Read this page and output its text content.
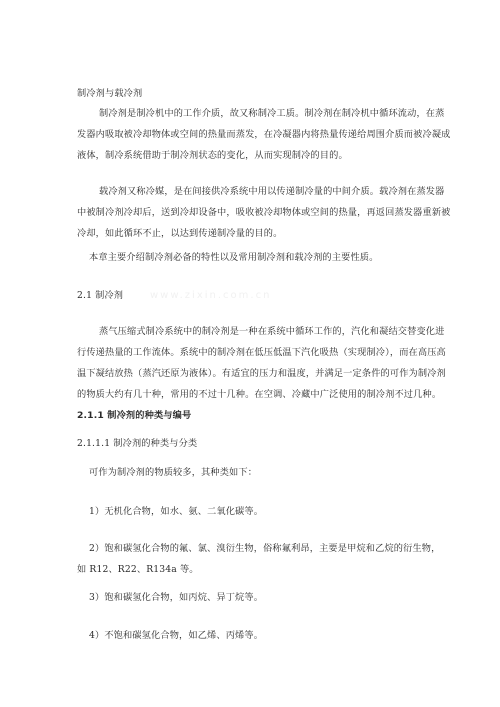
制冷剂与载冷剂
制冷剂是制冷机中的工作介质，故又称制冷工质。制冷剂在制冷机中循环流动，在蒸
发器内吸取被冷却物体或空间的热量而蒸发，在冷凝器内将热量传递给周围介质而被冷凝成
液体，制冷系统借助于制冷剂状态的变化，从而实现制冷的目的。
载冷剂又称冷媒，是在间接供冷系统中用以传递制冷量的中间介质。载冷剂在蒸发器
中被制冷剂冷却后，送到冷却设备中，吸收被冷却物体或空间的热量，再返回蒸发器重新被
冷却，如此循环不止，以达到传递制冷量的目的。
本章主要介绍制冷剂必备的特性以及常用制冷剂和载冷剂的主要性质。
2.1 制冷剂	www.zixin.com.cn
蒸气压缩式制冷系统中的制冷剂是一种在系统中循环工作的，汽化和凝结交替变化进
行传递热量的工作流体。系统中的制冷剂在低压低温下汽化吸热（实现制冷），而在高压高
温下凝结放热（蒸汽还原为液体）。有适宜的压力和温度，并满足一定条件的可作为制冷剂
的物质大约有几十种，常用的不过十几种。在空调、冷藏中广泛使用的制冷剂不过几种。
2.1.1 制冷剂的种类与编号
2.1.1.1 制冷剂的种类与分类
可作为制冷剂的物质较多，其种类如下：
1）无机化合物，如水、氨、二氧化碳等。
2）饱和碳氢化合物的氟、氯、溴衍生物，俗称氟利昂，主要是甲烷和乙烷的衍生物，
如 R12、R22、R134a 等。
3）饱和碳氢化合物，如丙烷、异丁烷等。
4）不饱和碳氢化合物，如乙烯、丙烯等。
